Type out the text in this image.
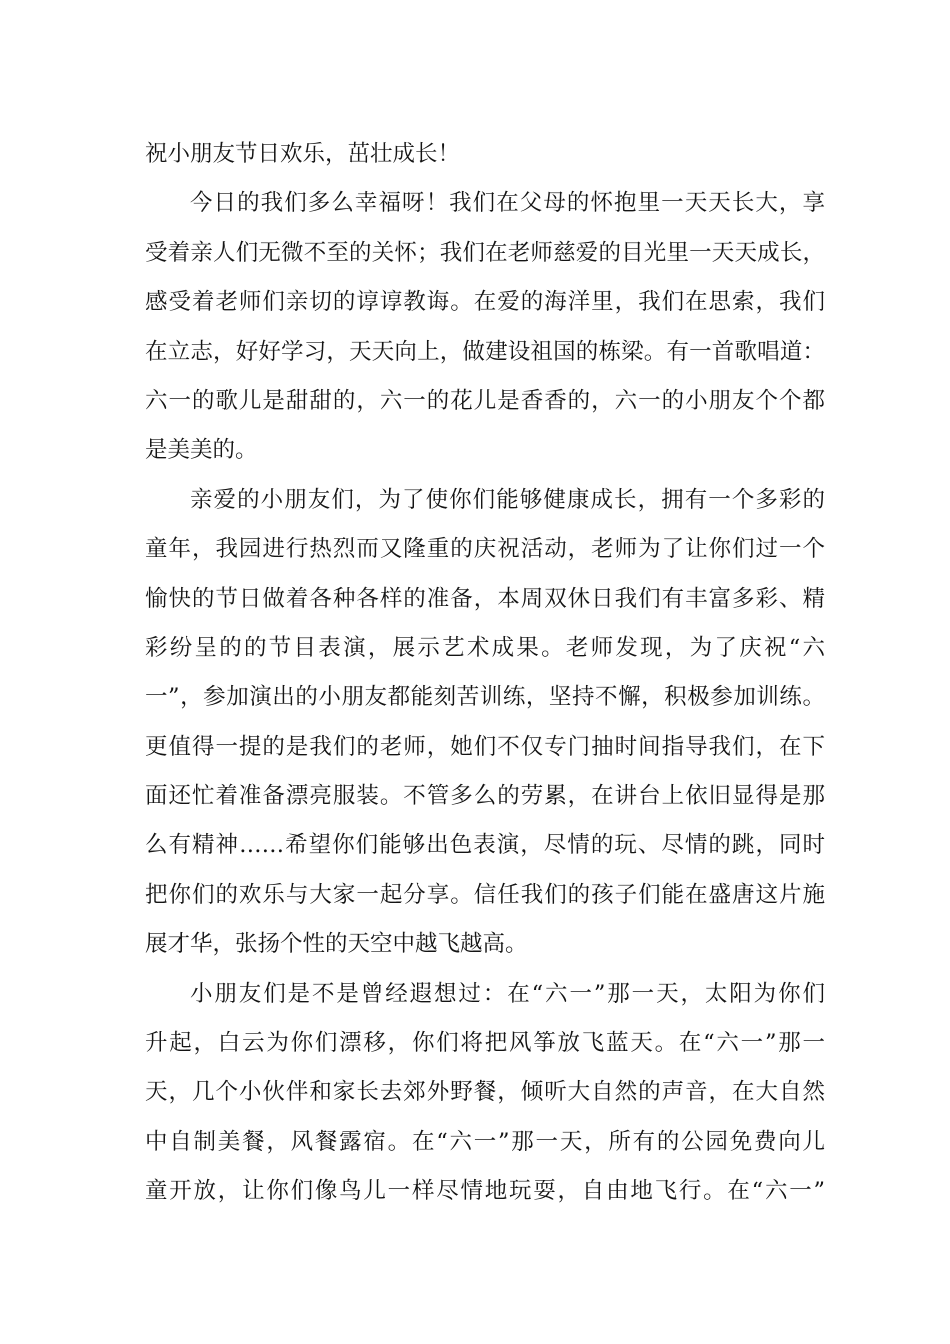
祝小朋友节日欢乐，茁壮成长！
今日的我们多么幸福呀！我们在父母的怀抱里一天天长大，享
受着亲人们无微不至的关怀；我们在老师慈爱的目光里一天天成长，
感受着老师们亲切的谆谆教诲。在爱的海洋里，我们在思索，我们
在立志，好好学习，天天向上，做建设祖国的栋梁。有一首歌唱道：
六一的歌儿是甜甜的，六一的花儿是香香的，六一的小朋友个个都
是美美的。
亲爱的小朋友们，为了使你们能够健康成长，拥有一个多彩的
童年，我园进行热烈而又隆重的庆祝活动，老师为了让你们过一个
愉快的节日做着各种各样的准备，本周双休日我们有丰富多彩、精
彩纷呈的的节目表演，展示艺术成果。老师发现，为了庆祝“六
一”，参加演出的小朋友都能刻苦训练，坚持不懈，积极参加训练。
更值得一提的是我们的老师，她们不仅专门抽时间指导我们，在下
面还忙着准备漂亮服装。不管多么的劳累，在讲台上依旧显得是那
么有精神……希望你们能够出色表演，尽情的玩、尽情的跳，同时
把你们的欢乐与大家一起分享。信任我们的孩子们能在盛唐这片施
展才华，张扬个性的天空中越飞越高。
小朋友们是不是曾经遐想过：在“六一”那一天，太阳为你们
升起，白云为你们漂移，你们将把风筝放飞蓝天。在“六一”那一
天，几个小伙伴和家长去郊外野餐，倾听大自然的声音，在大自然
中自制美餐，风餐露宿。在“六一”那一天，所有的公园免费向儿
童开放，让你们像鸟儿一样尽情地玩耍，自由地飞行。在“六一”
